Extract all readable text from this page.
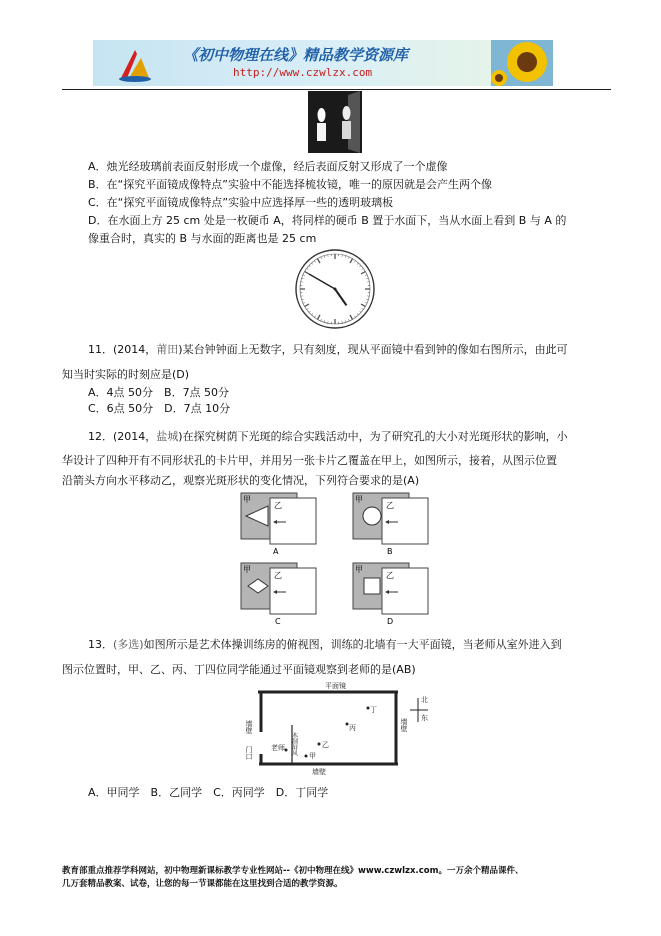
《初中物理在线》精品教学资源库
http://www.czwlzx.com
A．烛光经玻璃前表面反射形成一个虚像，经后表面反射又形成了一个虚像
B．在“探究平面镜成像特点”实验中不能选择梳妆镜，唯一的原因就是会产生两个像
C．在“探究平面镜成像特点”实验中应选择厚一些的透明玻璃板
D．在水面上方 25 cm 处是一枚硬币 A，将同样的硬币 B 置于水面下，当从水面上看到 B 与 A 的
像重合时，真实的 B 与水面的距离也是 25 cm
11．(2014，莆田)某台钟钟面上无数字，只有刻度，现从平面镜中看到钟的像如右图所示，由此可
知当时实际的时刻应是(D)
A．4点 50分　B．7点 50分
C．6点 50分　D．7点 10分
12．(2014，盐城)在探究树荫下光斑的综合实践活动中，为了研究孔的大小对光斑形状的影响，小
华设计了四种开有不同形状孔的卡片甲，并用另一张卡片乙覆盖在甲上，如图所示，接着，从图示位置
沿箭头方向水平移动乙，观察光斑形状的变化情况，下列符合要求的是(A)
甲
乙
A
甲
乙
B
甲
乙
C
甲
乙
D
13．(多选)如图所示是艺术体操训练房的俯视图，训练的北墙有一大平面镜，当老师从室外进入到
图示位置时，甲、乙、丙、丁四位同学能通过平面镜观察到老师的是(AB)
平面镜
墙壁	墙壁
墙壁
门口	木制屏风
老师
甲
乙
丙
丁
北
东
A．甲同学　B．乙同学　C．丙同学　D．丁同学
教育部重点推荐学科网站，初中物理新课标教学专业性网站--《初中物理在线》www.czwlzx.com。一万余个精品课件、
几万套精品教案、试卷，让您的每一节课都能在这里找到合适的教学资源。
